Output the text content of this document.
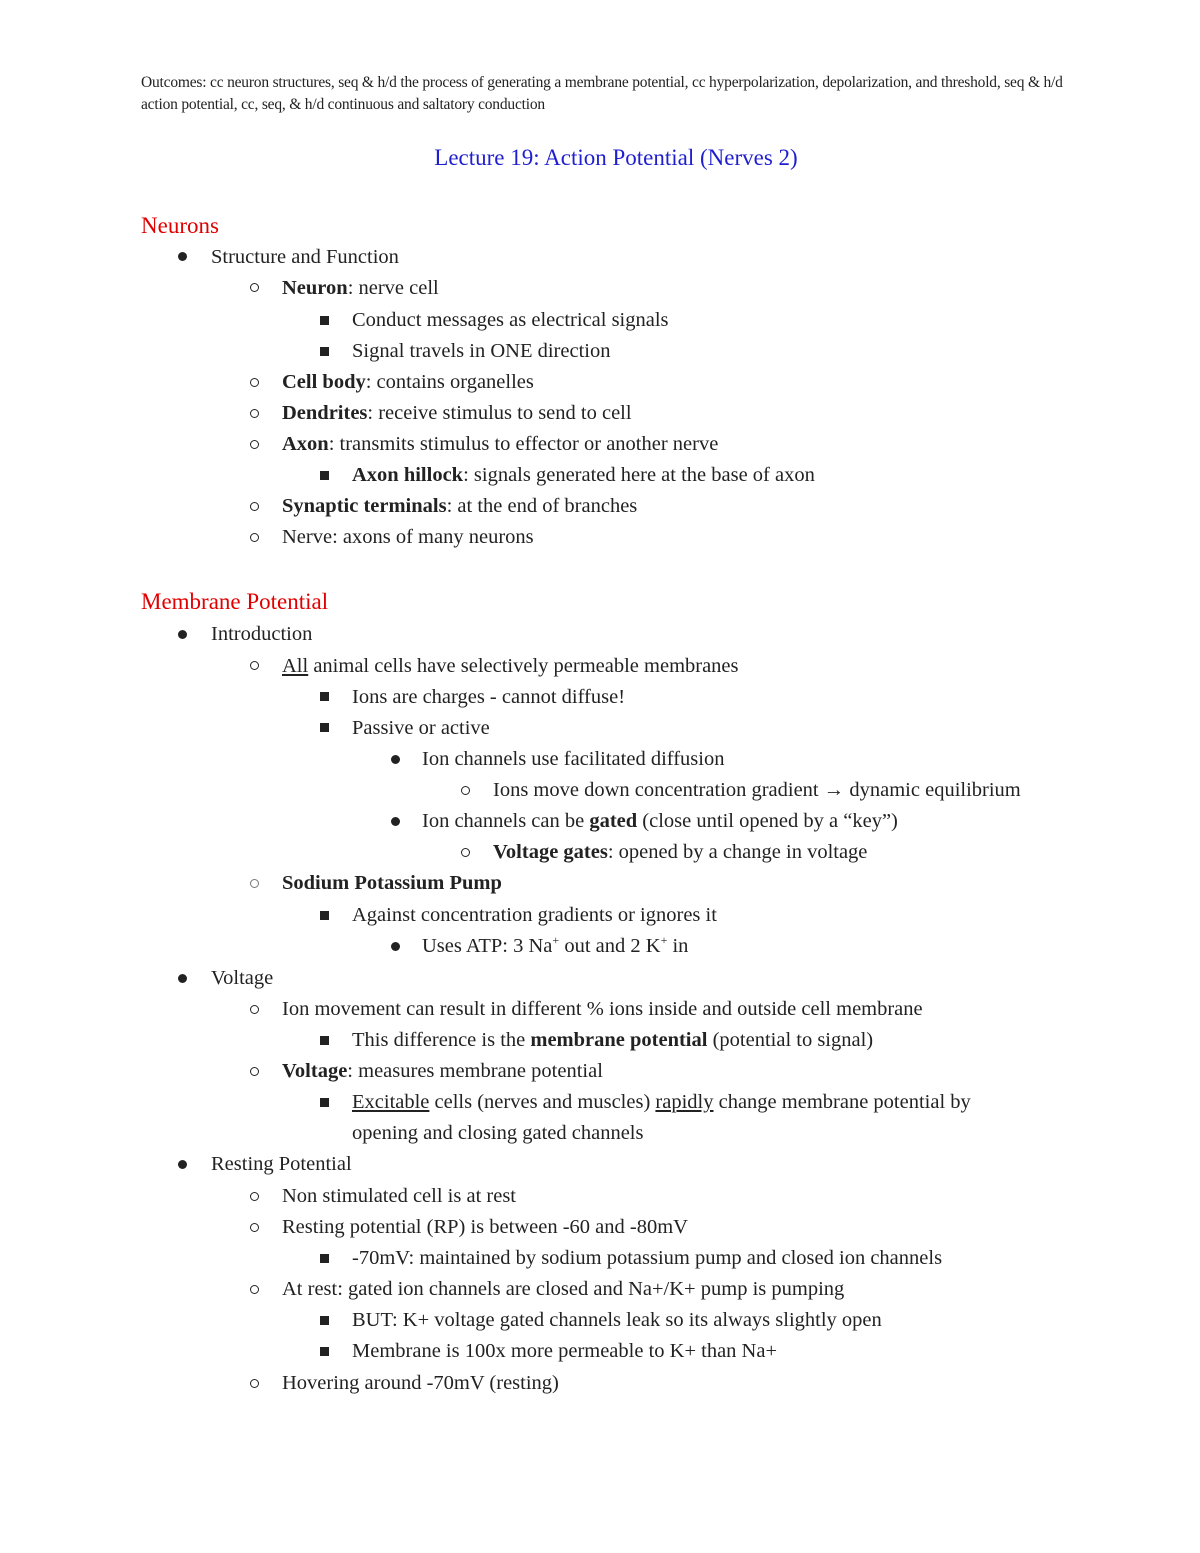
Outcomes: cc neuron structures, seq & h/d the process of generating a membrane potential, cc hyperpolarization, depolarization, and threshold, seq & h/d action potential, cc, seq, & h/d continuous and saltatory conduction
Lecture 19: Action Potential (Nerves 2)
Neurons
Structure and Function
Neuron: nerve cell
Conduct messages as electrical signals
Signal travels in ONE direction
Cell body: contains organelles
Dendrites: receive stimulus to send to cell
Axon: transmits stimulus to effector or another nerve
Axon hillock: signals generated here at the base of axon
Synaptic terminals: at the end of branches
Nerve: axons of many neurons
Membrane Potential
Introduction
All animal cells have selectively permeable membranes
Ions are charges - cannot diffuse!
Passive or active
Ion channels use facilitated diffusion
Ions move down concentration gradient → dynamic equilibrium
Ion channels can be gated (close until opened by a “key”)
Voltage gates: opened by a change in voltage
Sodium Potassium Pump
Against concentration gradients or ignores it
Uses ATP: 3 Na+ out and 2 K+ in
Voltage
Ion movement can result in different % ions inside and outside cell membrane
This difference is the membrane potential (potential to signal)
Voltage: measures membrane potential
Excitable cells (nerves and muscles) rapidly change membrane potential by
opening and closing gated channels
Resting Potential
Non stimulated cell is at rest
Resting potential (RP) is between -60 and -80mV
-70mV: maintained by sodium potassium pump and closed ion channels
At rest: gated ion channels are closed and Na+/K+ pump is pumping
BUT: K+ voltage gated channels leak so its always slightly open
Membrane is 100x more permeable to K+ than Na+
Hovering around -70mV (resting)
